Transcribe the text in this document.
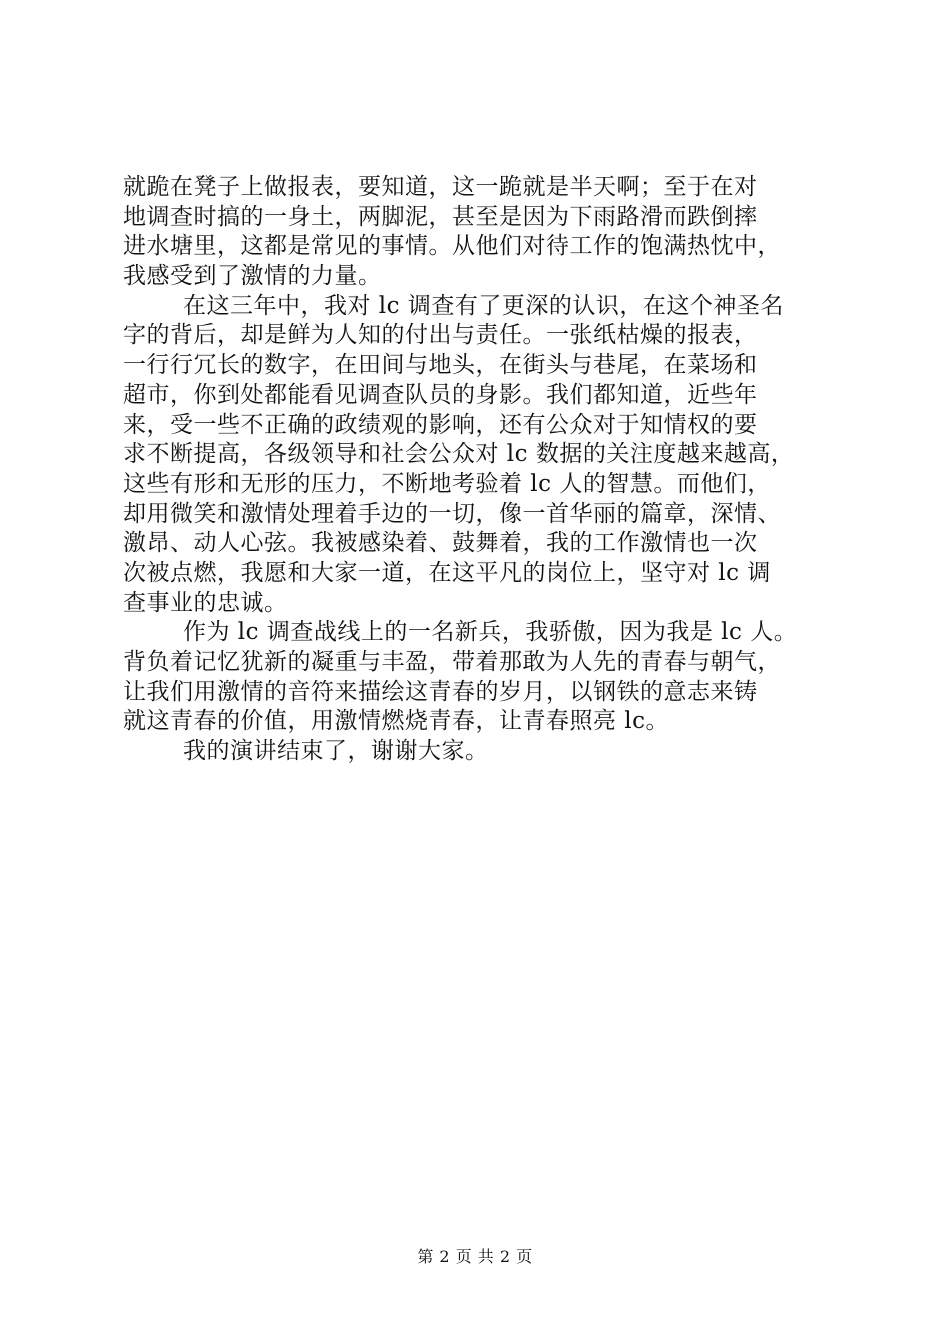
就跪在凳子上做报表，要知道，这一跪就是半天啊；至于在对
地调查时搞的一身土，两脚泥，甚至是因为下雨路滑而跌倒摔
进水塘里，这都是常见的事情。从他们对待工作的饱满热忱中，
我感受到了激情的力量。
在这三年中，我对 lc 调查有了更深的认识，在这个神圣名
字的背后，却是鲜为人知的付出与责任。一张纸枯燥的报表，
一行行冗长的数字，在田间与地头，在街头与巷尾，在菜场和
超市，你到处都能看见调查队员的身影。我们都知道，近些年
来，受一些不正确的政绩观的影响，还有公众对于知情权的要
求不断提高，各级领导和社会公众对 lc 数据的关注度越来越高，
这些有形和无形的压力，不断地考验着 lc 人的智慧。而他们，
却用微笑和激情处理着手边的一切，像一首华丽的篇章，深情、
激昂、动人心弦。我被感染着、鼓舞着，我的工作激情也一次
次被点燃，我愿和大家一道，在这平凡的岗位上，坚守对 lc 调
查事业的忠诚。
作为 lc 调查战线上的一名新兵，我骄傲，因为我是 lc 人。
背负着记忆犹新的凝重与丰盈，带着那敢为人先的青春与朝气，
让我们用激情的音符来描绘这青春的岁月，以钢铁的意志来铸
就这青春的价值，用激情燃烧青春，让青春照亮 lc。
我的演讲结束了，谢谢大家。
第 2 页 共 2 页
